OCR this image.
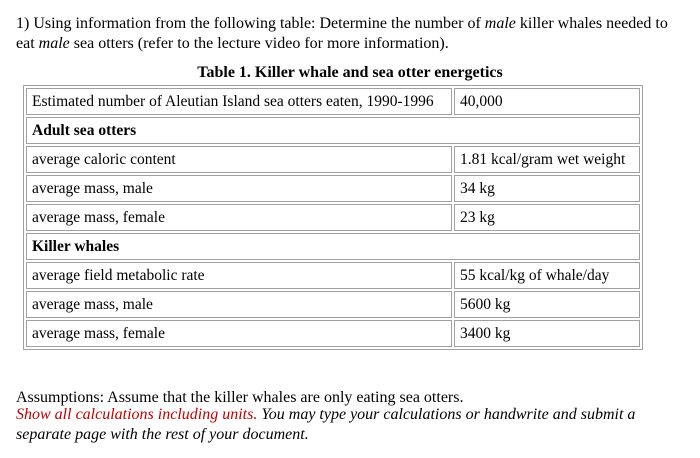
1) Using information from the following table: Determine the number of male killer whales needed to eat male sea otters (refer to the lecture video for more information).

Table 1. Killer whale and sea otter energetics
Estimated number of Aleutian Island sea otters eaten, 1990-1996	40,000
Adult sea otters	
average caloric content	1.81 kcal/gram wet weight
average mass, male	34 kg
average mass, female	23 kg
Killer whales	
average field metabolic rate	55 kcal/kg of whale/day
average mass, male	5600 kg
average mass, female	3400 kg

Assumptions: Assume that the killer whales are only eating sea otters.

Show all calculations including units. You may type your calculations or handwrite and submit a separate page with the rest of your document.
